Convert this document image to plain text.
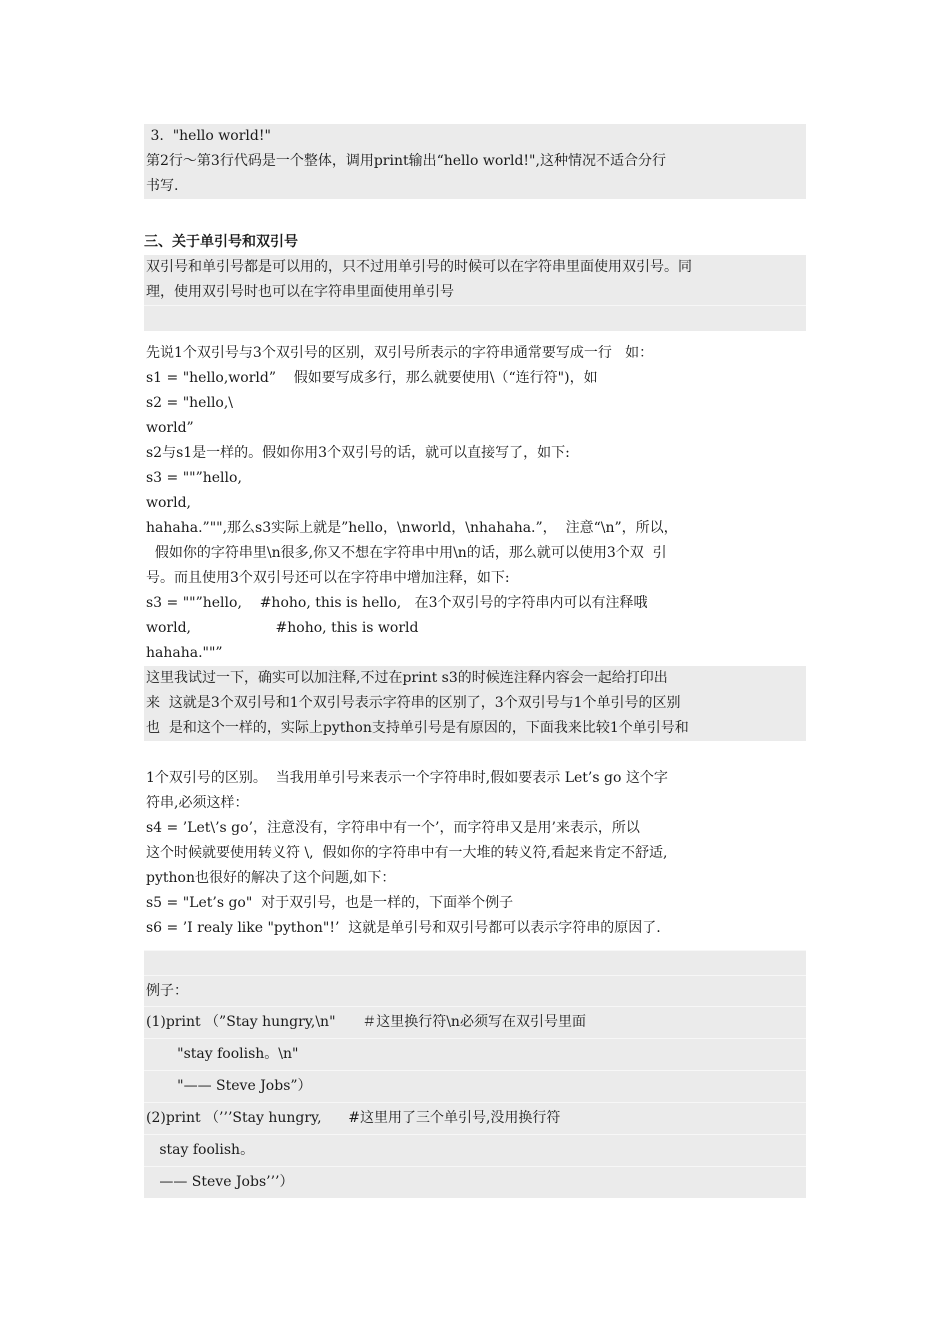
3.  "hello world!"
第2行～第3行代码是一个整体，调用print输出“hello world!",这种情况不适合分行
书写.
三、关于单引号和双引号
双引号和单引号都是可以用的，只不过用单引号的时候可以在字符串里面使用双引号。同
理，使用双引号时也可以在字符串里面使用单引号
先说1个双引号与3个双引号的区别，双引号所表示的字符串通常要写成一行   如：
s1 = "hello,world”    假如要写成多行，那么就要使用\（“连行符")，如
s2 = "hello,\
world”
s2与s1是一样的。假如你用3个双引号的话，就可以直接写了，如下:
s3 = ""”hello,
world,
hahaha.”"",那么s3实际上就是”hello，\nworld，\nhahaha.”，  注意“\n”，所以，
假如你的字符串里\n很多,你又不想在字符串中用\n的话，那么就可以使用3个双  引
号。而且使用3个双引号还可以在字符串中增加注释，如下:
s3 = ""”hello,    #hoho, this is hello,   在3个双引号的字符串内可以有注释哦
world,                   #hoho, this is world
hahaha.""”
这里我试过一下，确实可以加注释,不过在print s3的时候连注释内容会一起给打印出
来  这就是3个双引号和1个双引号表示字符串的区别了，3个双引号与1个单引号的区别
也  是和这个一样的，实际上python支持单引号是有原因的，下面我来比较1个单引号和
1个双引号的区别。  当我用单引号来表示一个字符串时,假如要表示 Let’s go 这个字
符串,必须这样：
s4 = ’Let\’s go’，注意没有，字符串中有一个’，而字符串又是用’来表示，所以
这个时候就要使用转义符 \,  假如你的字符串中有一大堆的转义符,看起来肯定不舒适,
python也很好的解决了这个问题,如下：
s5 = "Let’s go"  对于双引号，也是一样的，下面举个例子
s6 = ’I realy like "python"!’  这就是单引号和双引号都可以表示字符串的原因了.
例子：
(1)print （”Stay hungry,\n"      ＃这里换行符\n必须写在双引号里面
"stay foolish。\n"
"—— Steve Jobs”）
(2)print （’’’Stay hungry,      #这里用了三个单引号,没用换行符
stay foolish。
—— Steve Jobs’’’）
